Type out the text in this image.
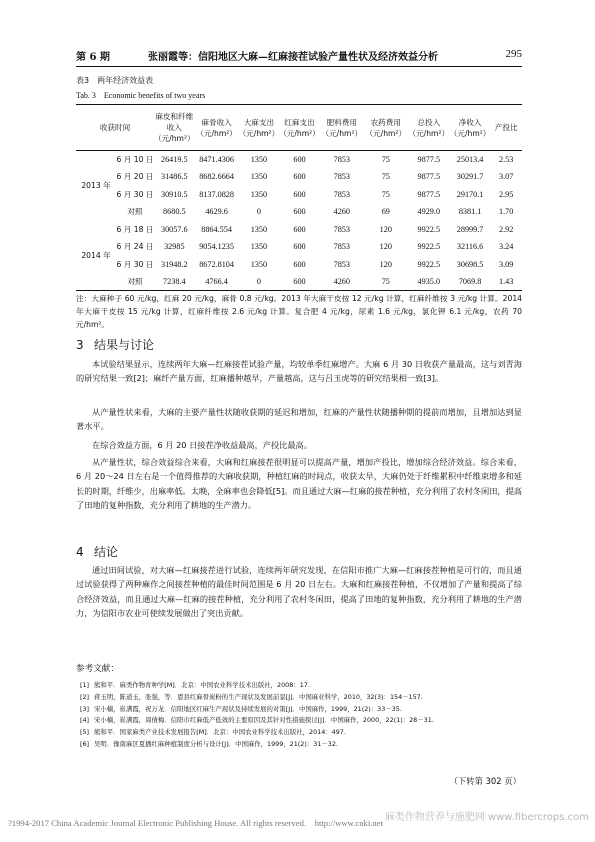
第 6 期	张丽霞等：信阳地区大麻—红麻接茬试验产量性状及经济效益分析	295
表3　两年经济效益表
Tab. 3　Economic benefits of two years
收获时间		麻皮和纤维收入（元/hm²）	麻骨收入（元/hm²）	大麻支出（元/hm²）	红麻支出（元/hm²）	肥料费用（元/hm²）	农药费用（元/hm²）	总投入（元/hm²）	净收入（元/hm²）	产投比
2013 年	6 月 10 日	26419.5	8471.4306	1350	600	7853	75	9877.5	25013.4	2.53
	6 月 20 日	31486.5	8682.6664	1350	600	7853	75	9877.5	30291.7	3.07
	6 月 30 日	30910.5	8137.0828	1350	600	7853	75	9877.5	29170.1	2.95
	对照	8680.5	4629.6	0	600	4260	69	4929.0	8381.1	1.70
2014 年	6 月 18 日	30057.6	8864.554	1350	600	7853	120	9922.5	28999.7	2.92
	6 月 24 日	32985	9054.1235	1350	600	7853	120	9922.5	32116.6	3.24
	6 月 30 日	31948.2	8672.8104	1350	600	7853	120	9922.5	30698.5	3.09
	对照	7238.4	4766.4	0	600	4260	75	4935.0	7069.8	1.43
注：大麻种子 60 元/kg，红麻 20 元/kg，麻骨 0.8 元/kg。2013 年大麻干皮按 12 元/kg 计算，红麻纤维按 3 元/kg 计算。2014 年大麻干皮按 15 元/kg 计算，红麻纤维按 2.6 元/kg 计算。复合肥 4 元/kg，尿素 1.6 元/kg，氯化钾 6.1 元/kg，农药 70 元/hm²。
3 结果与讨论
本试验结果显示，连续两年大麻—红麻接茬试验产量，均较单季红麻增产。大麻 6 月 30 日收获产量最高，这与刘青海的研究结果一致[2]；麻纤产量方面，红麻播种越早，产量越高，这与吕玉虎等的研究结果相一致[3]。
从产量性状来看，大麻的主要产量性状随收获期的延迟和增加，红麻的产量性状随播种期的提前而增加，且增加达到显著水平。
在综合效益方面，6 月 20 日接茬净收益最高，产投比最高。
从产量性状，综合效益综合来看，大麻和红麻接茬很明显可以提高产量，增加产投比，增加综合经济效益。综合来看，6 月 20～24 日左右是一个值得推荐的大麻收获期，种植红麻的时间点，收获太早，大麻仍处于纤维累积中纤维束增多和延长的时期，纤维少，出麻率低。太晚，全麻率也会降低[5]。而且通过大麻—红麻的接茬种植，充分利用了农村冬闲田，提高了田地的复种指数，充分利用了耕地的生产潜力。
4 结论
通过田间试验，对大麻—红麻接茬进行试验，连续两年研究发现，在信阳市推广大麻—红麻接茬种植是可行的，而且通过试验获得了两种麻作之间接茬种植的最佳时间范围是 6 月 20 日左右。大麻和红麻接茬种植，不仅增加了产量和提高了综合经济效益，而且通过大麻—红麻的接茬种植，充分利用了农村冬闲田，提高了田地的复种指数，充分利用了耕地的生产潜力，为信阳市农业可使续发展做出了突出贡献。
参考文献：
[1] 熊和平．麻类作物育种学[M]．北京：中国农业科学技术出版社，2008：17.
[2] 蒋玉明，陈道玉，张强，等．恩县红麻骨炭粉的生产现状及发展前景[J]．中国麻业科学，2010，32(3)：154－157.
[3] 宋小楠，崔满霞，祝万龙．信阳地区红麻生产现状及持续发展的对策[J]．中国麻作，1999，21(2)：33－35.
[4] 宋小楠，崔满霞，周倩梅．信阳市红麻低产低效的主要原因及其针对性措施探讨[J]．中国麻作，2000，22(1)：28－31.
[5] 熊和平．国家麻类产业技术发展报告[M]．北京：中国农业科学技术出版社，2014：497.
[6] 吴明．豫南麻区夏播红麻种植制度分析与设计[J]．中国麻作，1999，21(2)：31－32.
（下转第 302 页）
?1994-2017 China Academic Journal Electronic Publishing House. All rights reserved.　http://www.cnki.net 麻类作物营养与施肥网 www.fibercrops.com
